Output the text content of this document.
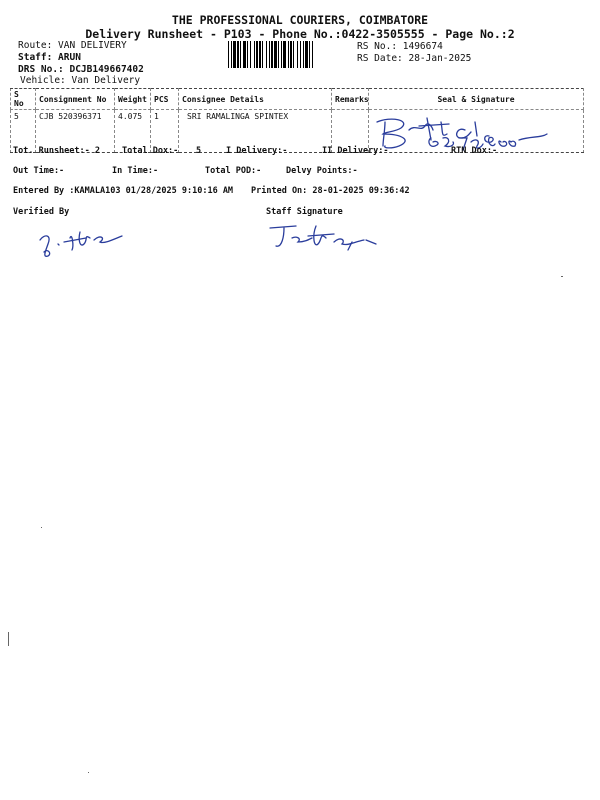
THE PROFESSIONAL COURIERS, COIMBATORE
Delivery Runsheet - P103 - Phone No.:0422-3505555 - Page No.:2
Route: VAN DELIVERY
Staff: ARUN
DRS No.: DCJB149667402
Vehicle: Van Delivery
RS No.: 1496674
RS Date: 28-Jan-2025
S No	Consignment No	Weight	PCS	Consignee Details	Remarks	Seal & Signature
5	CJB 520396371	4.075	1	SRI RAMALINGA SPINTEX		
Tot. Runsheet:- 2	Total Dox:- 5	I Delivery:-	II Delivery:-	RTN Dox:-
Out Time:-	In Time:-	Total POD:-	Delvy Points:-
Entered By :KAMALA103 01/28/2025 9:10:16 AM Printed On: 28-01-2025 09:36:42
Verified By	Staff Signature
